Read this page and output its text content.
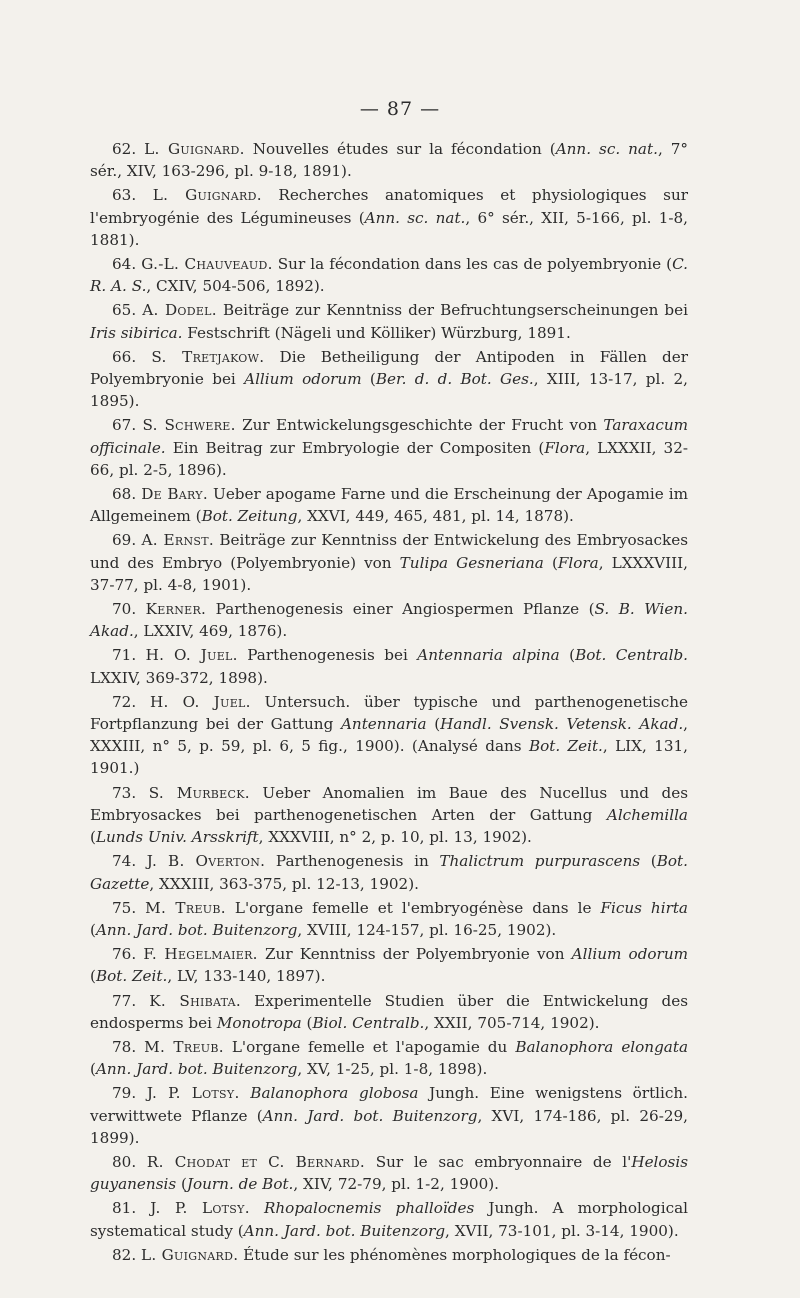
— 87 —

62. L. Guignard. Nouvelles études sur la fécondation (Ann. sc. nat., 7° sér., XIV, 163-296, pl. 9-18, 1891).

63. L. Guignard. Recherches anatomiques et physiologiques sur l'embryogénie des Légumineuses (Ann. sc. nat., 6° sér., XII, 5-166, pl. 1-8, 1881).

64. G.-L. Chauveaud. Sur la fécondation dans les cas de polyembryonie (C. R. A. S., CXIV, 504-506, 1892).

65. A. Dodel. Beiträge zur Kenntniss der Befruchtungserscheinungen bei Iris sibirica. Festschrift (Nägeli und Kölliker) Würzburg, 1891.

66. S. Tretjakow. Die Betheiligung der Antipoden in Fällen der Polyembryonie bei Allium odorum (Ber. d. d. Bot. Ges., XIII, 13-17, pl. 2, 1895).

67. S. Schwere. Zur Entwickelungsgeschichte der Frucht von Taraxacum officinale. Ein Beitrag zur Embryologie der Compositen (Flora, LXXXII, 32-66, pl. 2-5, 1896).

68. De Bary. Ueber apogame Farne und die Erscheinung der Apogamie im Allgemeinem (Bot. Zeitung, XXVI, 449, 465, 481, pl. 14, 1878).

69. A. Ernst. Beiträge zur Kenntniss der Entwickelung des Embryosackes und des Embryo (Polyembryonie) von Tulipa Gesneriana (Flora, LXXXVIII, 37-77, pl. 4-8, 1901).

70. Kerner. Parthenogenesis einer Angiospermen Pflanze (S. B. Wien. Akad., LXXIV, 469, 1876).

71. H. O. Juel. Parthenogenesis bei Antennaria alpina (Bot. Centralb. LXXIV, 369-372, 1898).

72. H. O. Juel. Untersuch. über typische und parthenogenetische Fortpflanzung bei der Gattung Antennaria (Handl. Svensk. Vetensk. Akad., XXXIII, n° 5, p. 59, pl. 6, 5 fig., 1900). (Analysé dans Bot. Zeit., LIX, 131, 1901.)

73. S. Murbeck. Ueber Anomalien im Baue des Nucellus und des Embryosackes bei parthenogenetischen Arten der Gattung Alchemilla (Lunds Univ. Arsskrift, XXXVIII, n° 2, p. 10, pl. 13, 1902).

74. J. B. Overton. Parthenogenesis in Thalictrum purpurascens (Bot. Gazette, XXXIII, 363-375, pl. 12-13, 1902).

75. M. Treub. L'organe femelle et l'embryogénèse dans le Ficus hirta (Ann. Jard. bot. Buitenzorg, XVIII, 124-157, pl. 16-25, 1902).

76. F. Hegelmaier. Zur Kenntniss der Polyembryonie von Allium odorum (Bot. Zeit., LV, 133-140, 1897).

77. K. Shibata. Experimentelle Studien über die Entwickelung des endosperms bei Monotropa (Biol. Centralb., XXII, 705-714, 1902).

78. M. Treub. L'organe femelle et l'apogamie du Balanophora elongata (Ann. Jard. bot. Buitenzorg, XV, 1-25, pl. 1-8, 1898).

79. J. P. Lotsy. Balanophora globosa Jungh. Eine wenigstens örtlich. verwittwete Pflanze (Ann. Jard. bot. Buitenzorg, XVI, 174-186, pl. 26-29, 1899).

80. R. Chodat et C. Bernard. Sur le sac embryonnaire de l'Helosis guyanensis (Journ. de Bot., XIV, 72-79, pl. 1-2, 1900).

81. J. P. Lotsy. Rhopalocnemis phalloïdes Jungh. A morphological systematical study (Ann. Jard. bot. Buitenzorg, XVII, 73-101, pl. 3-14, 1900).

82. L. Guignard. Étude sur les phénomènes morphologiques de la fécon-
